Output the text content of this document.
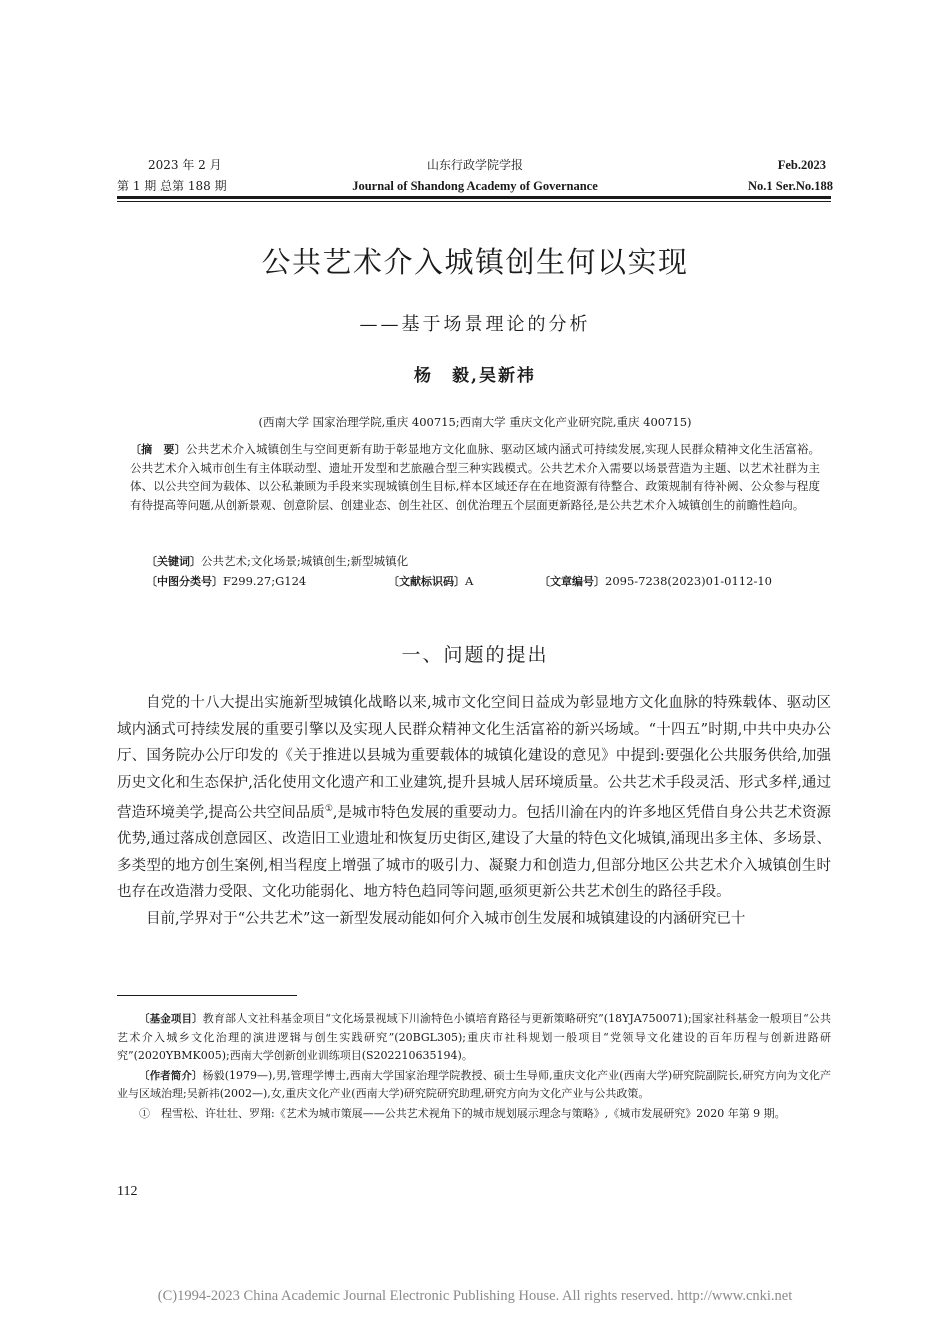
2023 年 2 月
第 1 期 总第 188 期
山东行政学院学报
Journal of Shandong Academy of Governance
Feb.2023
No.1 Ser.No.188
公共艺术介入城镇创生何以实现
——基于场景理论的分析
杨　毅,吴新祎
(西南大学 国家治理学院,重庆 400715;西南大学 重庆文化产业研究院,重庆 400715)
〔摘　要〕公共艺术介入城镇创生与空间更新有助于彰显地方文化血脉、驱动区域内涵式可持续发展,实现人民群众精神文化生活富裕。公共艺术介入城市创生有主体联动型、遗址开发型和艺旅融合型三种实践模式。公共艺术介入需要以场景营造为主题、以艺术社群为主体、以公共空间为载体、以公私兼顾为手段来实现城镇创生目标,样本区域还存在在地资源有待整合、政策规制有待补阙、公众参与程度有待提高等问题,从创新景观、创意阶层、创建业态、创生社区、创优治理五个层面更新路径,是公共艺术介入城镇创生的前瞻性趋向。
〔关键词〕公共艺术;文化场景;城镇创生;新型城镇化
〔中图分类号〕F299.27;G124	〔文献标识码〕A	〔文章编号〕2095-7238(2023)01-0112-10
一、问题的提出

自党的十八大提出实施新型城镇化战略以来,城市文化空间日益成为彰显地方文化血脉的特殊载体、驱动区域内涵式可持续发展的重要引擎以及实现人民群众精神文化生活富裕的新兴场域。“十四五”时期,中共中央办公厅、国务院办公厅印发的《关于推进以县城为重要载体的城镇化建设的意见》中提到:要强化公共服务供给,加强历史文化和生态保护,活化使用文化遗产和工业建筑,提升县城人居环境质量。公共艺术手段灵活、形式多样,通过营造环境美学,提高公共空间品质①,是城市特色发展的重要动力。包括川渝在内的许多地区凭借自身公共艺术资源优势,通过落成创意园区、改造旧工业遗址和恢复历史街区,建设了大量的特色文化城镇,涌现出多主体、多场景、多类型的地方创生案例,相当程度上增强了城市的吸引力、凝聚力和创造力,但部分地区公共艺术介入城镇创生时也存在改造潜力受限、文化功能弱化、地方特色趋同等问题,亟须更新公共艺术创生的路径手段。

目前,学界对于“公共艺术”这一新型发展动能如何介入城市创生发展和城镇建设的内涵研究已十

〔基金项目〕教育部人文社科基金项目“文化场景视域下川渝特色小镇培育路径与更新策略研究”(18YJA750071);国家社科基金一般项目“公共艺术介入城乡文化治理的演进逻辑与创生实践研究”(20BGL305);重庆市社科规划一般项目“党领导文化建设的百年历程与创新进路研究”(2020YBMK005);西南大学创新创业训练项目(S202210635194)。

〔作者简介〕杨毅(1979—),男,管理学博士,西南大学国家治理学院教授、硕士生导师,重庆文化产业(西南大学)研究院副院长,研究方向为文化产业与区域治理;吴新祎(2002—),女,重庆文化产业(西南大学)研究院研究助理,研究方向为文化产业与公共政策。

①　 程雪松、许壮壮、罗翔:《艺术为城市策展——公共艺术视角下的城市规划展示理念与策略》,《城市发展研究》2020 年第 9 期。

112
(C)1994-2023 China Academic Journal Electronic Publishing House. All rights reserved. http://www.cnki.net
